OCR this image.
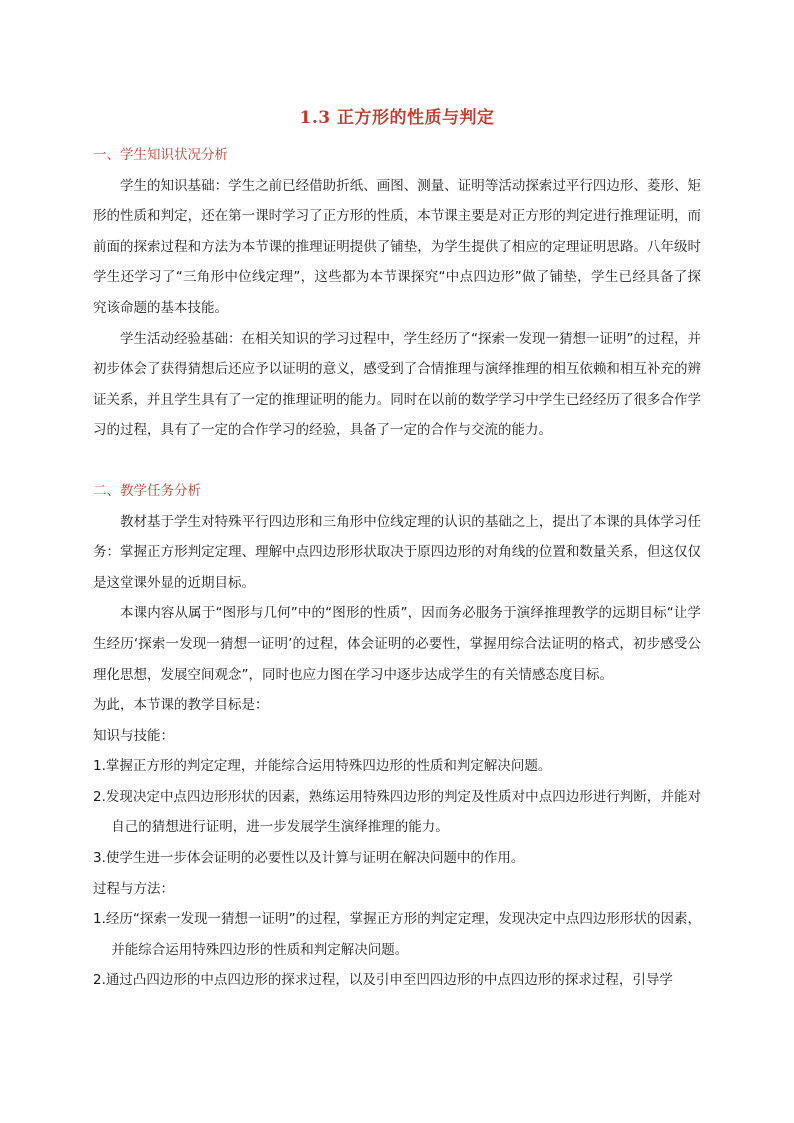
1.3 正方形的性质与判定

一、学生知识状况分析

学生的知识基础：学生之前已经借助折纸、画图、测量、证明等活动探索过平行四边形、菱形、矩形的性质和判定，还在第一课时学习了正方形的性质，本节课主要是对正方形的判定进行推理证明，而前面的探索过程和方法为本节课的推理证明提供了铺垫，为学生提供了相应的定理证明思路。八年级时学生还学习了“三角形中位线定理”，这些都为本节课探究“中点四边形”做了铺垫，学生已经具备了探究该命题的基本技能。

学生活动经验基础：在相关知识的学习过程中，学生经历了“探索一发现一猜想一证明”的过程，并初步体会了获得猜想后还应予以证明的意义，感受到了合情推理与演绎推理的相互依赖和相互补充的辨证关系，并且学生具有了一定的推理证明的能力。同时在以前的数学学习中学生已经经历了很多合作学习的过程，具有了一定的合作学习的经验，具备了一定的合作与交流的能力。

二、教学任务分析

教材基于学生对特殊平行四边形和三角形中位线定理的认识的基础之上，提出了本课的具体学习任务：掌握正方形判定定理、理解中点四边形形状取决于原四边形的对角线的位置和数量关系，但这仅仅是这堂课外显的近期目标。

本课内容从属于“图形与几何”中的“图形的性质”，因而务必服务于演绎推理教学的远期目标“让学生经历‘探索一发现一猜想一证明’的过程，体会证明的必要性，掌握用综合法证明的格式，初步感受公理化思想，发展空间观念”，同时也应力图在学习中逐步达成学生的有关情感态度目标。

为此，本节课的教学目标是：

知识与技能：

1.掌握正方形的判定定理，并能综合运用特殊四边形的性质和判定解决问题。

2.发现决定中点四边形形状的因素，熟练运用特殊四边形的判定及性质对中点四边形进行判断，并能对自己的猜想进行证明，进一步发展学生演绎推理的能力。

3.使学生进一步体会证明的必要性以及计算与证明在解决问题中的作用。

过程与方法：

1.经历“探索一发现一猜想一证明”的过程，掌握正方形的判定定理，发现决定中点四边形形状的因素，并能综合运用特殊四边形的性质和判定解决问题。

2.通过凸四边形的中点四边形的探求过程，以及引申至凹四边形的中点四边形的探求过程，引导学
